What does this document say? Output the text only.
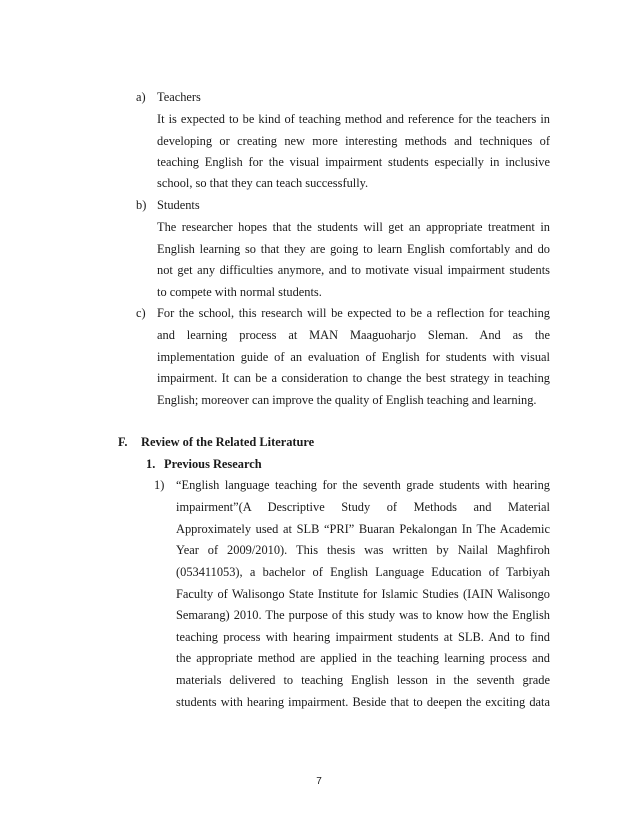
a) Teachers
It is expected to be kind of teaching method and reference for the teachers in
developing or creating new more interesting methods and techniques of
teaching English for the visual impairment students especially in inclusive
school, so that they can teach successfully.
b) Students
The researcher hopes that the students will get an appropriate treatment in
English learning so that they are going to learn English comfortably and do
not get any difficulties anymore, and to motivate visual impairment students
to compete with normal students.
c) For the school, this research will be expected to be a reflection for teaching
and learning process at MAN Maaguoharjo Sleman. And as the
implementation guide of an evaluation of English for students with visual
impairment. It can be a consideration to change the best strategy in teaching
English; moreover can improve the quality of English teaching and learning.
F. Review of the Related Literature
1. Previous Research
1) “English language teaching for the seventh grade students with hearing
impairment”(A Descriptive Study of Methods and Material
Approximately used at SLB “PRI” Buaran Pekalongan In The Academic
Year of 2009/2010). This thesis was written by Nailal Maghfiroh
(053411053), a bachelor of English Language Education of Tarbiyah
Faculty of Walisongo State Institute for Islamic Studies (IAIN Walisongo
Semarang) 2010. The purpose of this study was to know how the English
teaching process with hearing impairment students at SLB. And to find
the appropriate method are applied in the teaching learning process and
materials delivered to teaching English lesson in the seventh grade
students with hearing impairment. Beside that to deepen the exciting data
7
